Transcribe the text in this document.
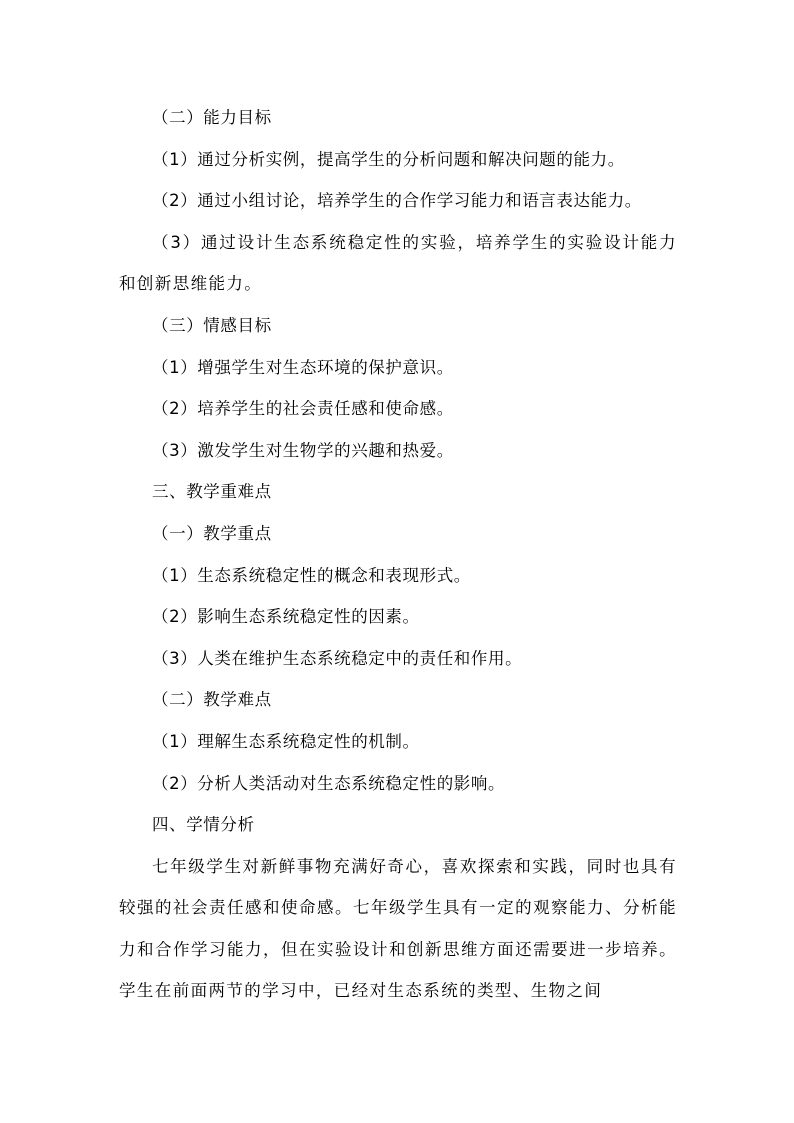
（二）能力目标

（1）通过分析实例，提高学生的分析问题和解决问题的能力。

（2）通过小组讨论，培养学生的合作学习能力和语言表达能力。

（3）通过设计生态系统稳定性的实验，培养学生的实验设计能力和创新思维能力。

（三）情感目标

（1）增强学生对生态环境的保护意识。

（2）培养学生的社会责任感和使命感。

（3）激发学生对生物学的兴趣和热爱。

三、教学重难点

（一）教学重点

（1）生态系统稳定性的概念和表现形式。

（2）影响生态系统稳定性的因素。

（3）人类在维护生态系统稳定中的责任和作用。

（二）教学难点

（1）理解生态系统稳定性的机制。

（2）分析人类活动对生态系统稳定性的影响。

四、学情分析

七年级学生对新鲜事物充满好奇心，喜欢探索和实践，同时也具有较强的社会责任感和使命感。七年级学生具有一定的观察能力、分析能力和合作学习能力，但在实验设计和创新思维方面还需要进一步培养。学生在前面两节的学习中，已经对生态系统的类型、生物之间
